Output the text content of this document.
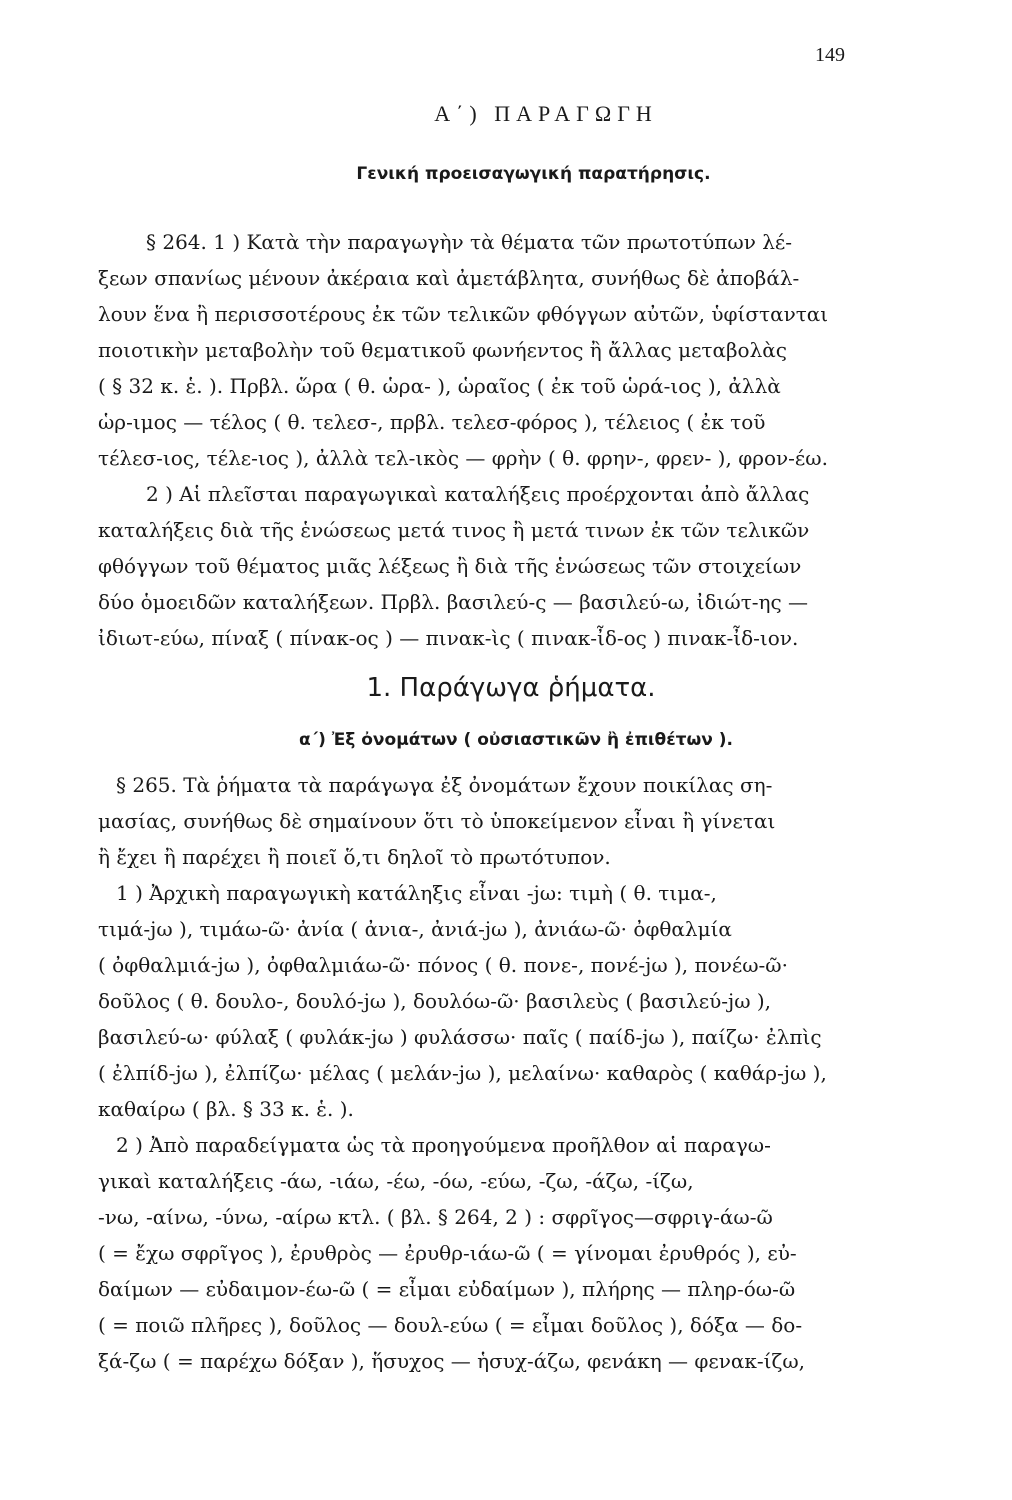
149
Α΄) ΠΑΡΑΓΩΓΗ
Γενική προεισαγωγική παρατήρησις.
§ 264. 1 ) Κατὰ τὴν παραγωγὴν τὰ θέματα τῶν πρωτοτύπων λέ-
ξεων σπανίως μένουν ἀκέραια καὶ ἀμετάβλητα, συνήθως δὲ ἀποβάλ-
λουν ἕνα ἢ περισσοτέρους ἐκ τῶν τελικῶν φθόγγων αὐτῶν, ὑφίστανται
ποιοτικὴν μεταβολὴν τοῦ θεματικοῦ φωνήεντος ἢ ἄλλας μεταβολὰς
( § 32 κ. ἑ. ). Πρβλ. ὥρα ( θ. ὡρα- ), ὡραῖος ( ἐκ τοῦ ὡρά-ιος ), ἀλλὰ
ὡρ-ιμος — τέλος ( θ. τελεσ-, πρβλ. τελεσ-φόρος ), τέλειος ( ἐκ τοῦ
τέλεσ-ιος, τέλε-ιος ), ἀλλὰ τελ-ικὸς — φρὴν ( θ. φρην-, φρεν- ), φρον-έω.
2 ) Αἱ πλεῖσται παραγωγικαὶ καταλήξεις προέρχονται ἀπὸ ἄλλας
καταλήξεις διὰ τῆς ἑνώσεως μετά τινος ἢ μετά τινων ἐκ τῶν τελικῶν
φθόγγων τοῦ θέματος μιᾶς λέξεως ἢ διὰ τῆς ἑνώσεως τῶν στοιχείων
δύο ὁμοειδῶν καταλήξεων. Πρβλ. βασιλεύ-ς — βασιλεύ-ω, ἰδιώτ-ης —
ἰδιωτ-εύω, πίναξ ( πίνακ-ος ) — πινακ-ὶς ( πινακ-ἶδ-ος ) πινακ-ἶδ-ιον.
1. Παράγωγα ῥήματα.
α΄) Ἐξ ὀνομάτων ( οὐσιαστικῶν ἢ ἐπιθέτων ).
§ 265. Τὰ ῥήματα τὰ παράγωγα ἐξ ὀνομάτων ἔχουν ποικίλας ση-
μασίας, συνήθως δὲ σημαίνουν ὅτι τὸ ὑποκείμενον εἶναι ἢ γίνεται
ἢ ἔχει ἢ παρέχει ἢ ποιεῖ ὅ,τι δηλοῖ τὸ πρωτότυπον.
1 ) Ἀρχικὴ παραγωγικὴ κατάληξις εἶναι -jω: τιμὴ ( θ. τιμα-,
τιμά-jω ), τιμάω-ῶ· ἀνία ( ἀνια-, ἀνιά-jω ), ἀνιάω-ῶ· ὀφθαλμία
( ὀφθαλμιά-jω ), ὀφθαλμιάω-ῶ· πόνος ( θ. πονε-, πονέ-jω ), πονέω-ῶ·
δοῦλος ( θ. δουλο-, δουλό-jω ), δουλόω-ῶ· βασιλεὺς ( βασιλεύ-jω ),
βασιλεύ-ω· φύλαξ ( φυλάκ-jω ) φυλάσσω· παῖς ( παίδ-jω ), παίζω· ἐλπὶς
( ἐλπίδ-jω ), ἐλπίζω· μέλας ( μελάν-jω ), μελαίνω· καθαρὸς ( καθάρ-jω ),
καθαίρω ( βλ. § 33 κ. ἑ. ).
2 ) Ἀπὸ παραδείγματα ὡς τὰ προηγούμενα προῆλθον αἱ παραγω-
γικαὶ καταλήξεις -άω, -ιάω, -έω, -όω, -εύω, -ζω, -άζω, -ίζω,
-νω, -αίνω, -ύνω, -αίρω κτλ. ( βλ. § 264, 2 ) : σφρῖγος—σφριγ-άω-ῶ
( = ἔχω σφρῖγος ), ἐρυθρὸς — ἐρυθρ-ιάω-ῶ ( = γίνομαι ἐρυθρός ), εὐ-
δαίμων — εὐδαιμον-έω-ῶ ( = εἶμαι εὐδαίμων ), πλήρης — πληρ-όω-ῶ
( = ποιῶ πλῆρες ), δοῦλος — δουλ-εύω ( = εἶμαι δοῦλος ), δόξα — δο-
ξά-ζω ( = παρέχω δόξαν ), ἥσυχος — ἡσυχ-άζω, φενάκη — φενακ-ίζω,
